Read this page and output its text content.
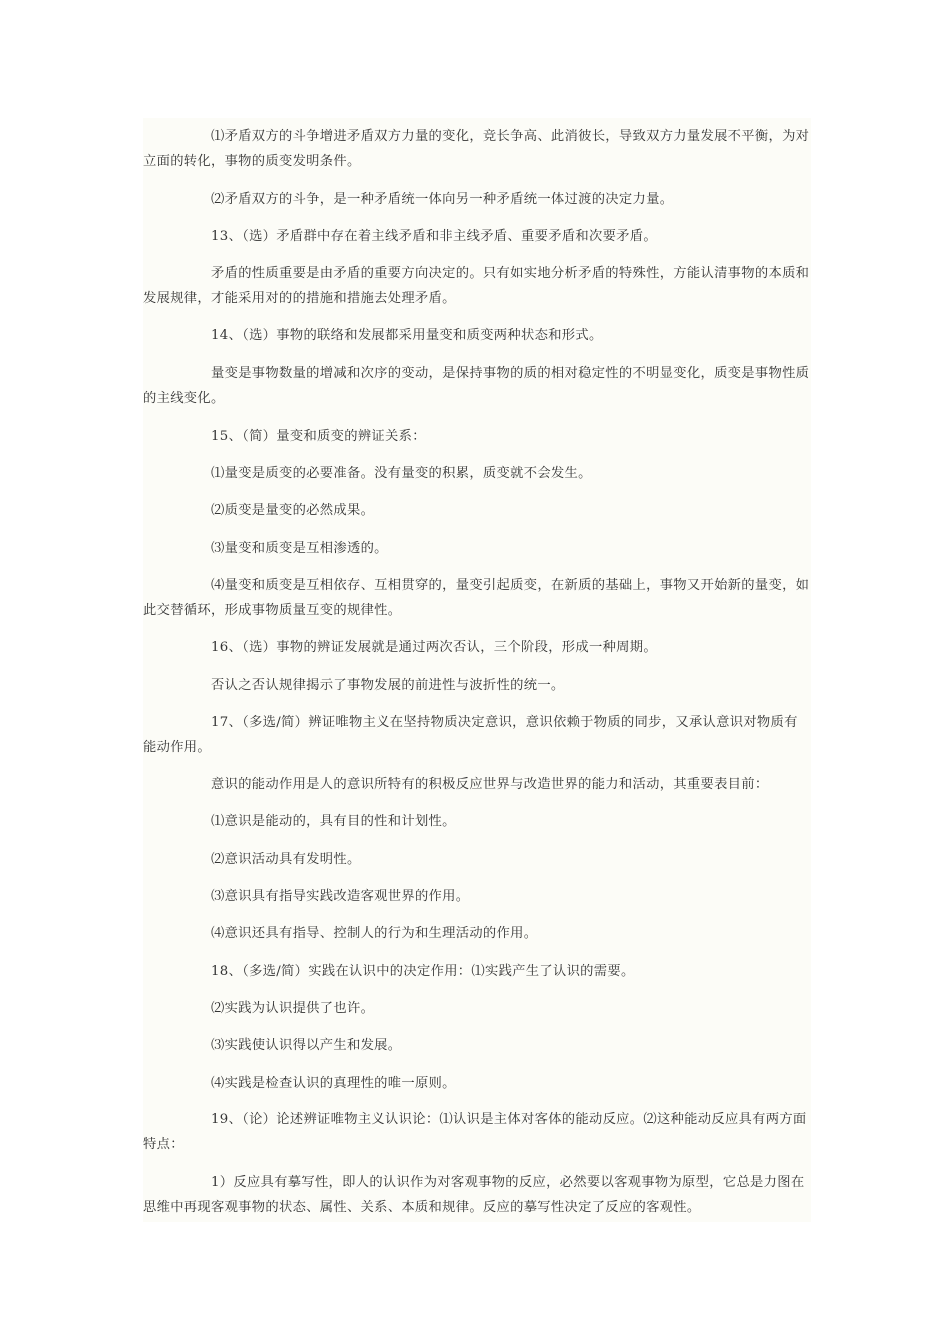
⑴矛盾双方的斗争增进矛盾双方力量的变化，竞长争高、此消彼长，导致双方力量发展不平衡，为对立面的转化，事物的质变发明条件。
⑵矛盾双方的斗争，是一种矛盾统一体向另一种矛盾统一体过渡的决定力量。
13、（选）矛盾群中存在着主线矛盾和非主线矛盾、重要矛盾和次要矛盾。
矛盾的性质重要是由矛盾的重要方向决定的。只有如实地分析矛盾的特殊性，方能认清事物的本质和发展规律，才能采用对的的措施和措施去处理矛盾。
14、（选）事物的联络和发展都采用量变和质变两种状态和形式。
量变是事物数量的增减和次序的变动，是保持事物的质的相对稳定性的不明显变化，质变是事物性质的主线变化。
15、（简）量变和质变的辨证关系：
⑴量变是质变的必要准备。没有量变的积累，质变就不会发生。
⑵质变是量变的必然成果。
⑶量变和质变是互相渗透的。
⑷量变和质变是互相依存、互相贯穿的，量变引起质变，在新质的基础上，事物又开始新的量变，如此交替循环，形成事物质量互变的规律性。
16、（选）事物的辨证发展就是通过两次否认，三个阶段，形成一种周期。
否认之否认规律揭示了事物发展的前进性与波折性的统一。
17、（多选/简）辨证唯物主义在坚持物质决定意识，意识依赖于物质的同步，又承认意识对物质有能动作用。
意识的能动作用是人的意识所特有的积极反应世界与改造世界的能力和活动，其重要表目前：
⑴意识是能动的，具有目的性和计划性。
⑵意识活动具有发明性。
⑶意识具有指导实践改造客观世界的作用。
⑷意识还具有指导、控制人的行为和生理活动的作用。
18、（多选/简）实践在认识中的决定作用：⑴实践产生了认识的需要。
⑵实践为认识提供了也许。
⑶实践使认识得以产生和发展。
⑷实践是检查认识的真理性的唯一原则。
19、（论）论述辨证唯物主义认识论：⑴认识是主体对客体的能动反应。⑵这种能动反应具有两方面特点：
1）反应具有摹写性，即人的认识作为对客观事物的反应，必然要以客观事物为原型，它总是力图在思维中再现客观事物的状态、属性、关系、本质和规律。反应的摹写性决定了反应的客观性。
